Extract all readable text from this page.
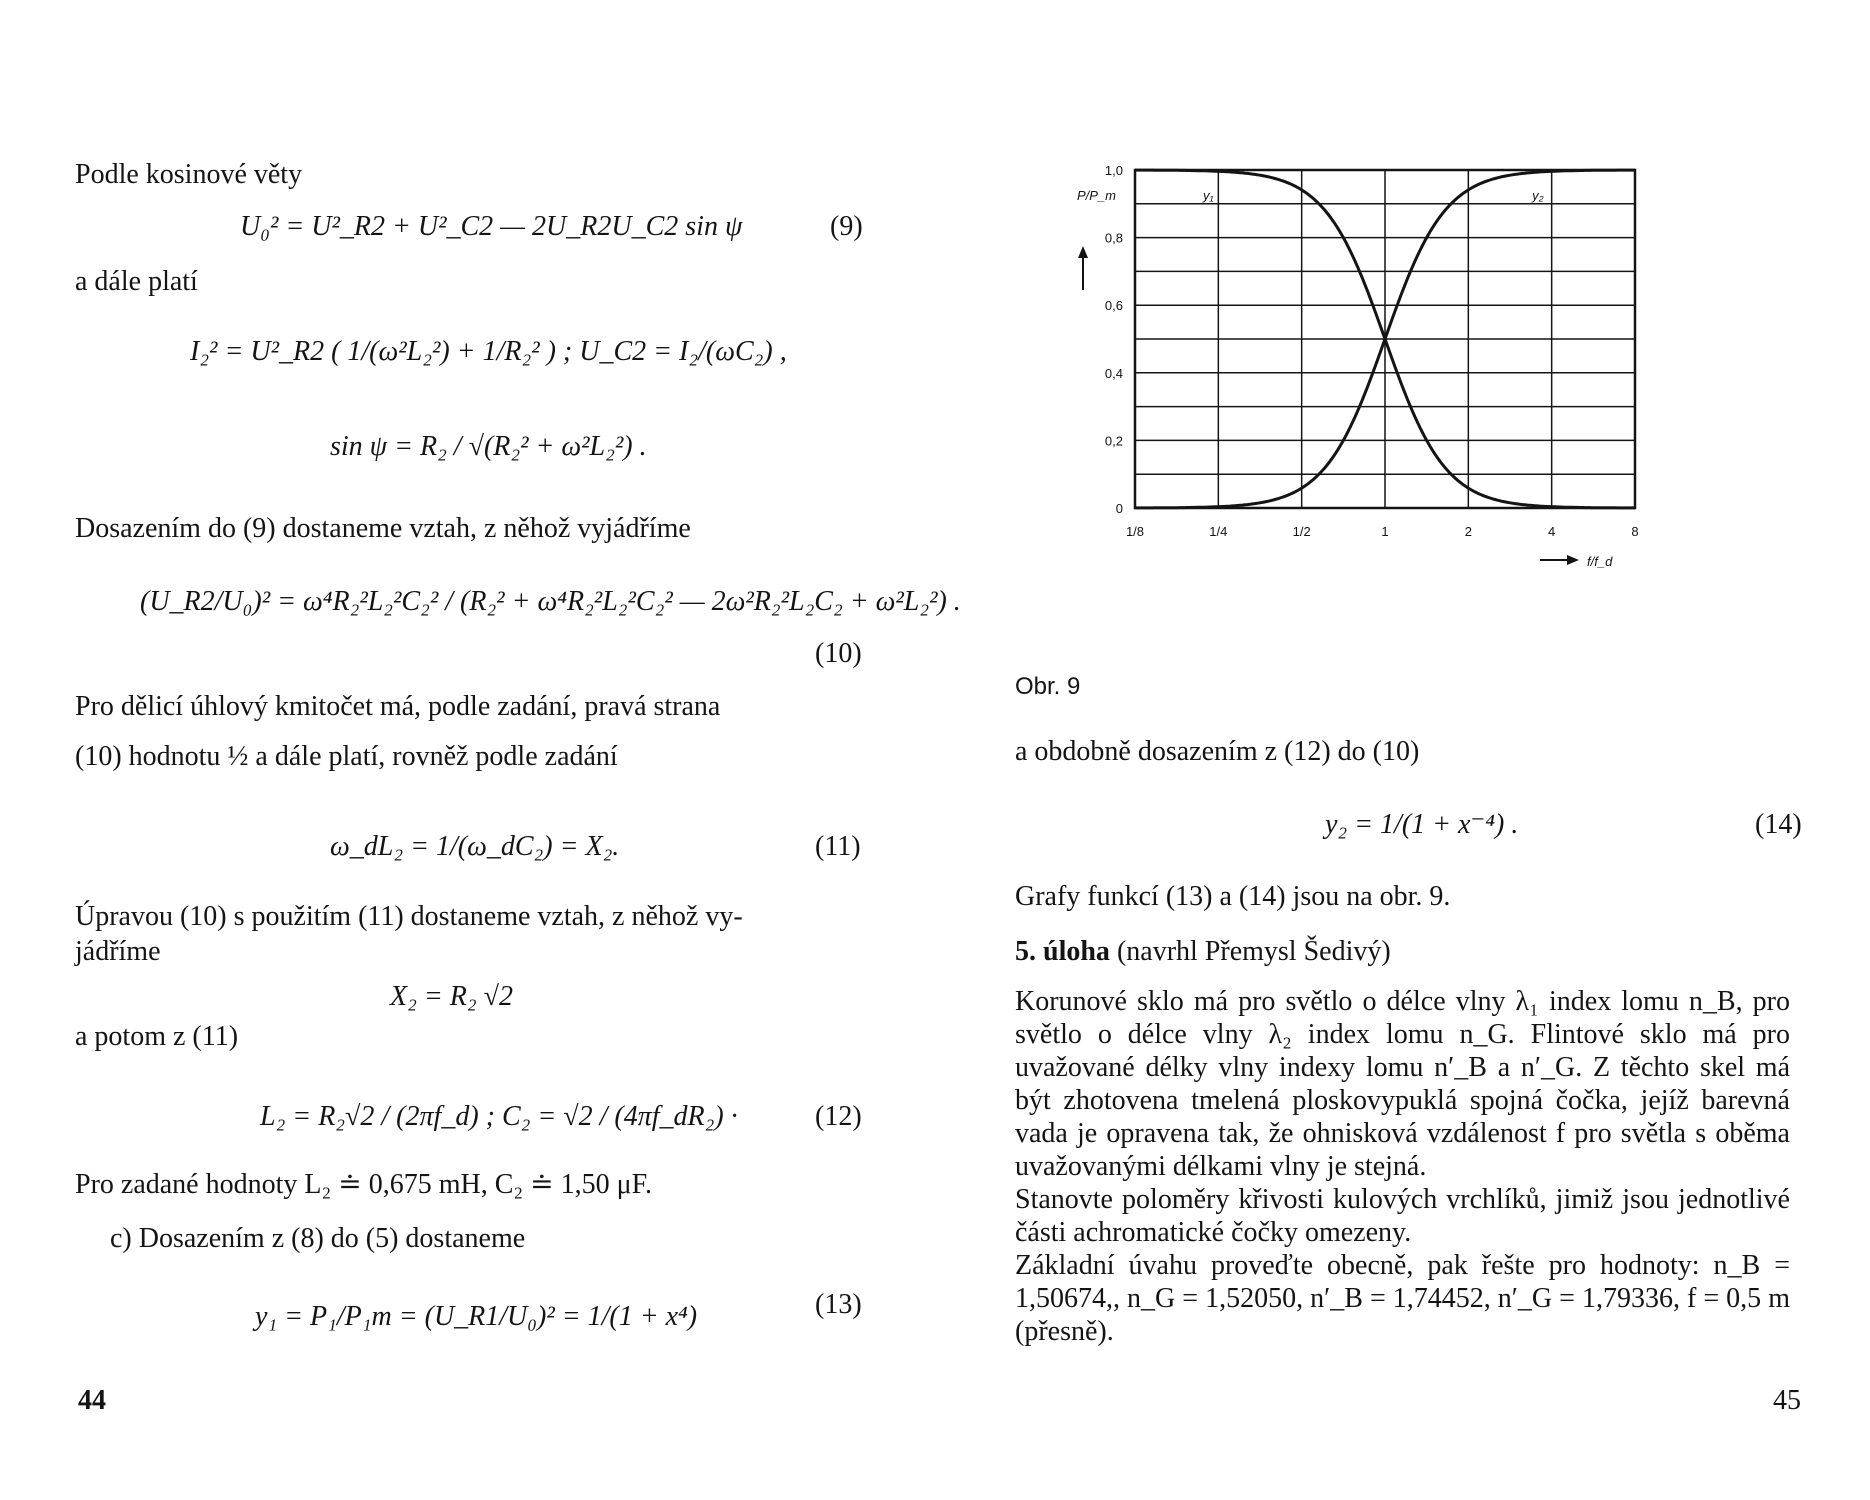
Podle kosinové věty
U₀² = U²_R2 + U²_C2 — 2U_R2U_C2 sin ψ	(9)
a dále platí
I₂² = U²_R2 ( 1/(ω²L₂²) + 1/R₂² ) ; U_C2 = I₂/(ωC₂) ,
sin ψ = R₂ / √(R₂² + ω²L₂²) .
Dosazením do (9) dostaneme vztah, z něhož vyjádříme
(U_R2/U₀)² = ω⁴R₂²L₂²C₂² / (R₂² + ω⁴R₂²L₂²C₂² — 2ω²R₂²L₂C₂ + ω²L₂²) .
(10)
Pro dělicí úhlový kmitočet má, podle zadání, pravá strana
(10) hodnotu ½ a dále platí, rovněž podle zadání
ω_dL₂ = 1/(ω_dC₂) = X₂.	(11)
Úpravou (10) s použitím (11) dostaneme vztah, z něhož vy-
jádříme
X₂ = R₂ √2
a potom z (11)
L₂ = R₂√2 / (2πf_d) ; C₂ = √2 / (4πf_dR₂) ·	(12)
Pro zadané hodnoty L₂ ≐ 0,675 mH, C₂ ≐ 1,50 μF.
c) Dosazením z (8) do (5) dostaneme
y₁ = P₁/P₁m = (U_R1/U₀)² = 1/(1 + x⁴)	(13)
44
0
0,2
0,4
0,6
0,8
1,0
1/8	1/4	1/2	1	2	4	8
y₁	y₂
P/P_m
f/f_d
Obr. 9
a obdobně dosazením z (12) do (10)
y₂ = 1/(1 + x⁻⁴) .	(14)
Grafy funkcí (13) a (14) jsou na obr. 9.
5. úloha (navrhl Přemysl Šedivý)
Korunové sklo má pro světlo o délce vlny λ₁ index lomu n_B, pro světlo o délce vlny λ₂ index lomu n_G. Flintové sklo má pro uvažované délky vlny indexy lomu n′_B a n′_G. Z těchto skel má být zhotovena tmelená ploskovypuklá spojná čočka, jejíž barevná vada je opravena tak, že ohnisková vzdálenost f pro světla s oběma uvažovanými délkami vlny je stejná.
Stanovte poloměry křivosti kulových vrchlíků, jimiž jsou jednotlivé části achromatické čočky omezeny.
Základní úvahu proveďte obecně, pak řešte pro hodnoty: n_B = 1,50674,, n_G = 1,52050, n′_B = 1,74452, n′_G = 1,79336, f = 0,5 m (přesně).
45
